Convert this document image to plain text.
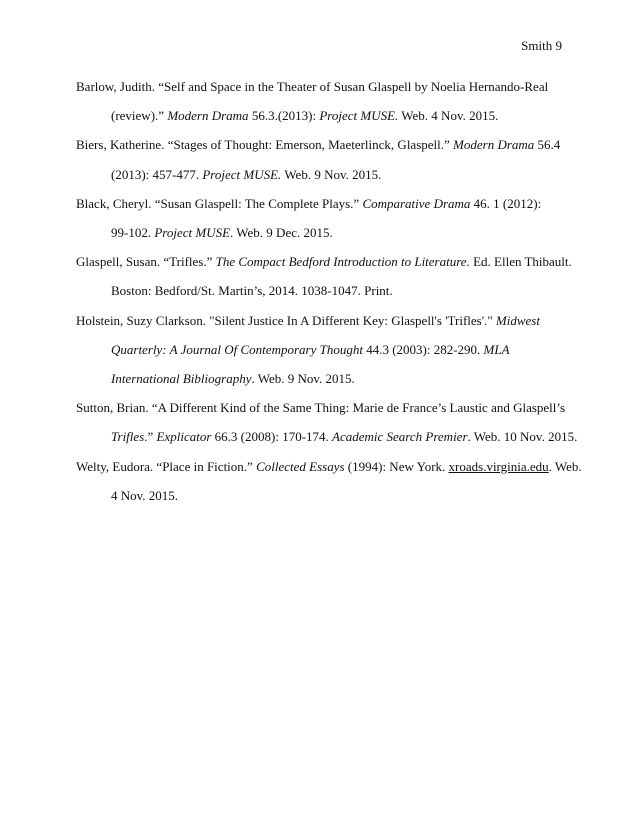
Smith 9

Barlow, Judith. “Self and Space in the Theater of Susan Glaspell by Noelia Hernando-Real
(review).” Modern Drama 56.3.(2013): Project MUSE. Web. 4 Nov. 2015.

Biers, Katherine. “Stages of Thought: Emerson, Maeterlinck, Glaspell.” Modern Drama 56.4
(2013): 457-477. Project MUSE. Web. 9 Nov. 2015.

Black, Cheryl. “Susan Glaspell: The Complete Plays.” Comparative Drama 46. 1 (2012):
99-102. Project MUSE. Web. 9 Dec. 2015.

Glaspell, Susan. “Trifles.” The Compact Bedford Introduction to Literature. Ed. Ellen Thibault.
Boston: Bedford/St. Martin’s, 2014. 1038-1047. Print.

Holstein, Suzy Clarkson. "Silent Justice In A Different Key: Glaspell's 'Trifles'." Midwest
Quarterly: A Journal Of Contemporary Thought 44.3 (2003): 282-290. MLA
International Bibliography. Web. 9 Nov. 2015.

Sutton, Brian. “A Different Kind of the Same Thing: Marie de France’s Laustic and Glaspell’s
Trifles.” Explicator 66.3 (2008): 170-174. Academic Search Premier. Web. 10 Nov. 2015.

Welty, Eudora. “Place in Fiction.” Collected Essays (1994): New York. xroads.virginia.edu. Web.
4 Nov. 2015.
